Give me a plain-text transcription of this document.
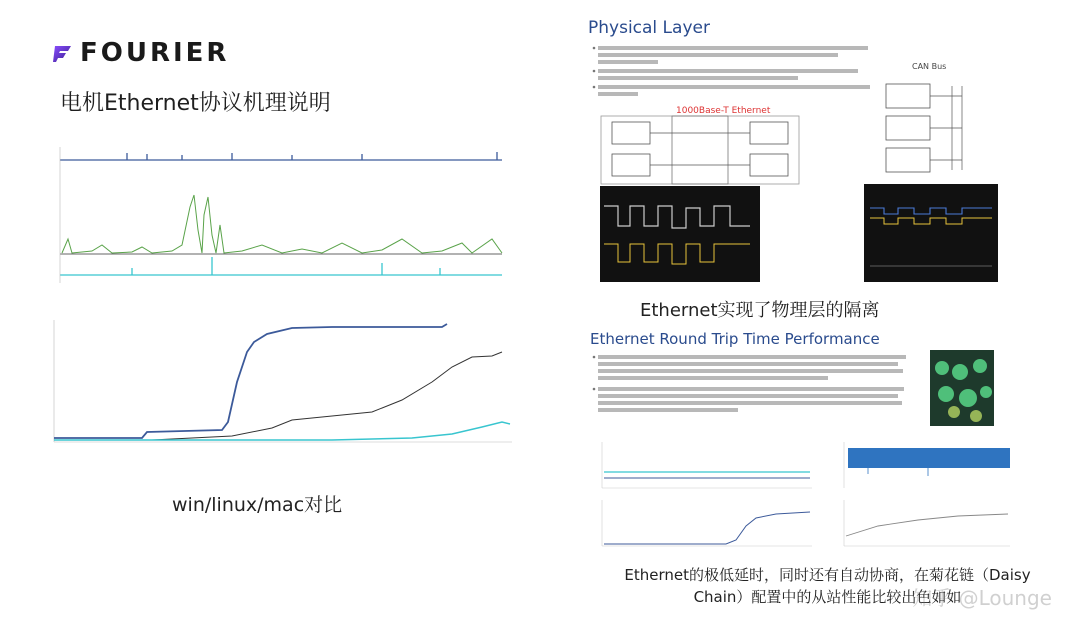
FOURIER
电机Ethernet协议机理说明
win/linux/mac对比
Physical Layer
1000Base-T Ethernet
CAN Bus
Ethernet实现了物理层的隔离
Ethernet Round Trip Time Performance
Ethernet的极低延时，同时还有自动协商，在菊花链（Daisy Chain）配置中的从站性能比较出色如如
知乎 @Lounge
